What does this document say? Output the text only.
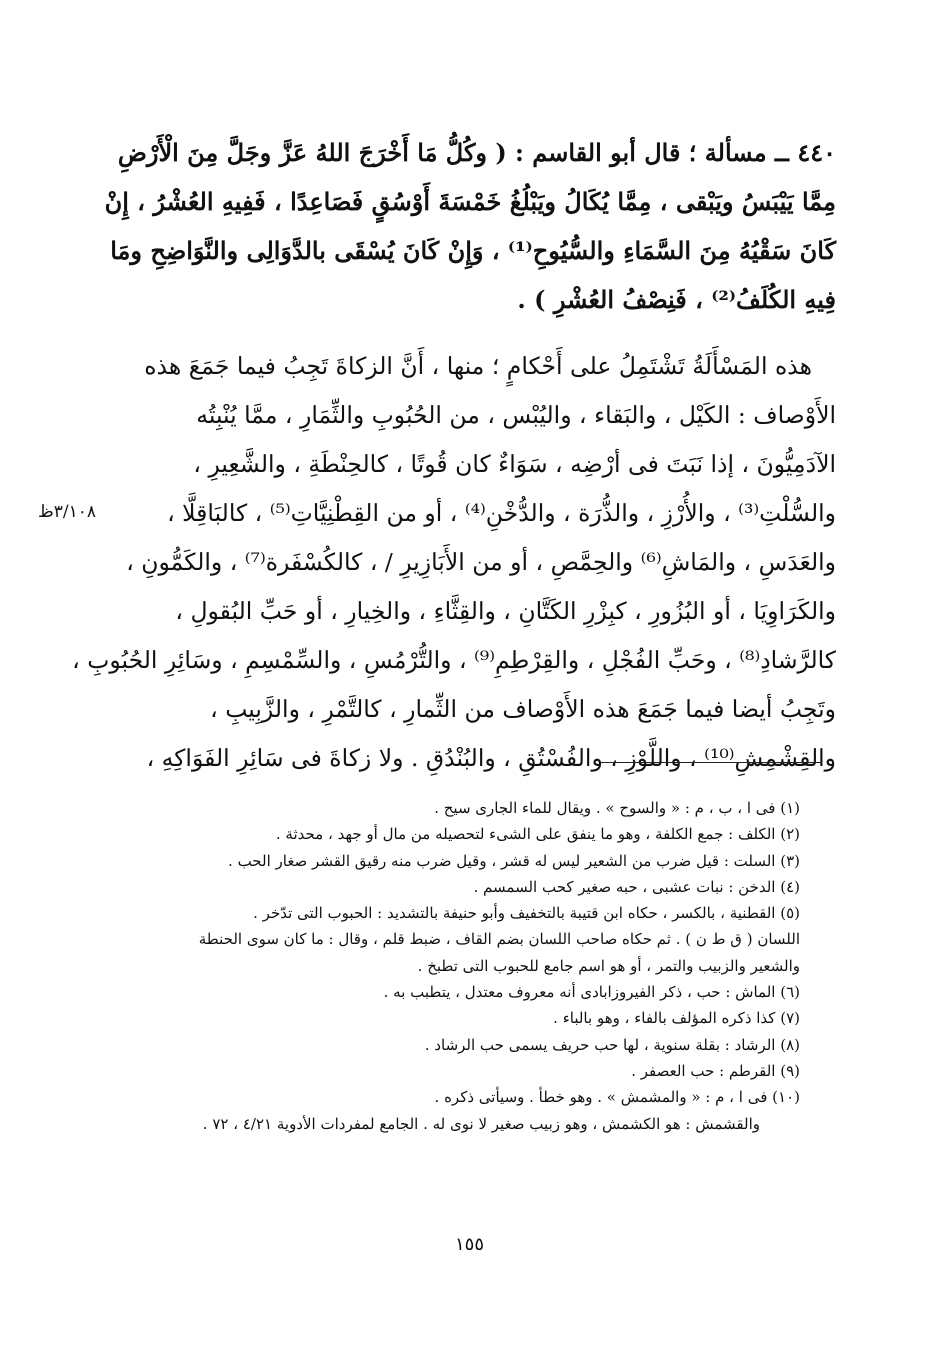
٤٤٠ ــ مسألة ؛ قال أبو القاسم : ( وكُلُّ مَا أَخْرَجَ اللهُ عَزَّ وجَلَّ مِنَ الْأَرْضِ
مِمَّا يَيْبَسُ ويَبْقى ، مِمَّا يُكَالُ ويَبْلُغُ خَمْسَةَ أَوْسُقٍ فَصَاعِدًا ، فَفِيهِ العُشْرُ ، إِنْ
كَانَ سَقْيُهُ مِنَ السَّمَاءِ والسُّيُوحِ⁽¹⁾ ، وَإِنْ كَانَ يُسْقَى بالدَّوَالِى والنَّوَاضِحِ ومَا
فِيهِ الكُلَفُ⁽²⁾ ، فَنِصْفُ العُشْرِ ) .
هذه المَسْأَلَةُ تَشْتَمِلُ على أَحْكامٍ ؛ منها ، أَنَّ الزكاةَ تَجِبُ فيما جَمَعَ هذه
الأَوْصاف : الكَيْل ، والبَقاء ، واليُبْس ، من الحُبُوبِ والثِّمَارِ ، ممَّا يُنْبِتُه
الآدَمِيُّونَ ، إذا نَبَتَ فى أرْضِه ، سَوَاءٌ كان قُوتًا ، كالحِنْطَةِ ، والشَّعِيرِ ،
والسُّلْتِ⁽³⁾ ، والأُرْزِ ، والذُّرَة ، والدُّخْنِ⁽⁴⁾ ، أو من القِطْنِيَّاتِ⁽⁵⁾ ، كالبَاقِلَّا ،
والعَدَسِ ، والمَاشِ⁽⁶⁾ والحِمَّصِ ، أو من الأَبَازِيرِ / ، كالكُسْفَرة⁽⁷⁾ ، والكَمُّونِ ،
والكَرَاوِيَا ، أو البُزُورِ ، كبِزْرِ الكَتَّانِ ، والقِثَّاءِ ، والخِيارِ ، أو حَبِّ البُقولِ ،
كالرَّشادِ⁽⁸⁾ ، وحَبِّ الفُجْلِ ، والقِرْطِمِ⁽⁹⁾ ، والتُّرْمُسِ ، والسِّمْسِمِ ، وسَائِرِ الحُبُوبِ ،
وتَجِبُ أيضا فيما جَمَعَ هذه الأَوْصاف من الثِّمارِ ، كالتَّمْرِ ، والزَّبِيبِ ،
والقِشْمِشِ⁽¹⁰⁾ ، واللَّوْزِ ، والفُسْتُقِ ، والبُنْدُقِ . ولا زكاةَ فى سَائِرِ الفَوَاكِهِ ،
٣/١٠٨ظ
(١) فى ا ، ب ، م : « والسوح » . ويقال للماء الجارى سيح .
(٢) الكلف : جمع الكلفة ، وهو ما ينفق على الشىء لتحصيله من مال أو جهد ، محدثة .
(٣) السلت : قيل ضرب من الشعير ليس له قشر ، وقيل ضرب منه رقيق القشر صغار الحب .
(٤) الدخن : نبات عشبى ، حبه صغير كحب السمسم .
(٥) القطنية ، بالكسر ، حكاه ابن قتيبة بالتخفيف وأبو حنيفة بالتشديد : الحبوب التى تدّخر .
اللسان ( ق ط ن ) . ثم حكاه صاحب اللسان بضم القاف ، ضبط قلم ، وقال : ما كان سوى الحنطة
والشعير والزبيب والتمر ، أو هو اسم جامع للحبوب التى تطبخ .
(٦) الماش : حب ، ذكر الفيروزابادى أنه معروف معتدل ، يتطبب به .
(٧) كذا ذكره المؤلف بالفاء ، وهو بالباء .
(٨) الرشاد : بقلة سنوية ، لها حب حريف يسمى حب الرشاد .
(٩) القرطم : حب العصفر .
(١٠) فى ا ، م : « والمشمش » . وهو خطأ . وسيأتى ذكره .
والقشمش : هو الكشمش ، وهو زبيب صغير لا نوى له . الجامع لمفردات الأدوية ٤/٢١ ، ٧٢ .
١٥٥
